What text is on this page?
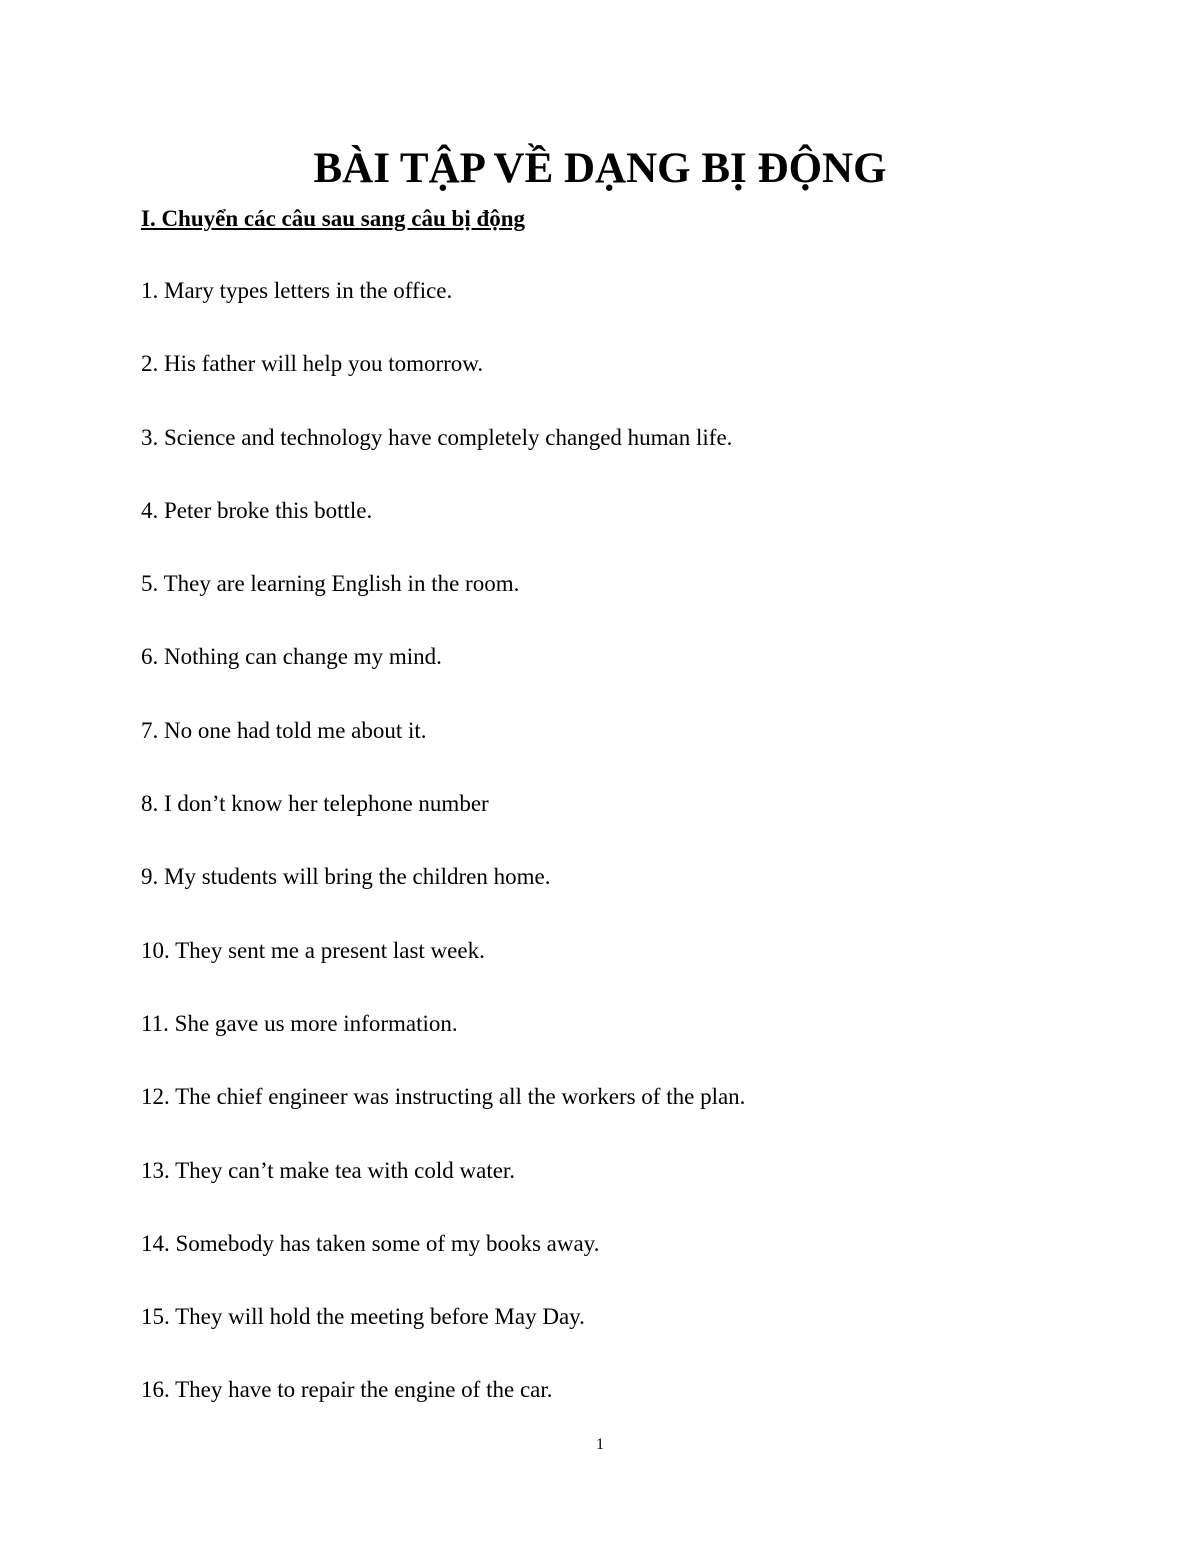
BÀI TẬP VỀ DẠNG BỊ ĐỘNG
I. Chuyển các câu sau sang câu bị động
1. Mary types letters in the office.
2. His father will help you tomorrow.
3. Science and technology have completely changed human life.
4. Peter broke this bottle.
5. They are learning English in the room.
6. Nothing can change my mind.
7. No one had told me about it.
8. I don’t know her telephone number
9. My students will bring the children home.
10. They sent me a present last week.
11. She gave us more information.
12. The chief engineer was instructing all the workers of the plan.
13. They can’t make tea with cold water.
14. Somebody has taken some of my books away.
15. They will hold the meeting before May Day.
16. They have to repair the engine of the car.
1
